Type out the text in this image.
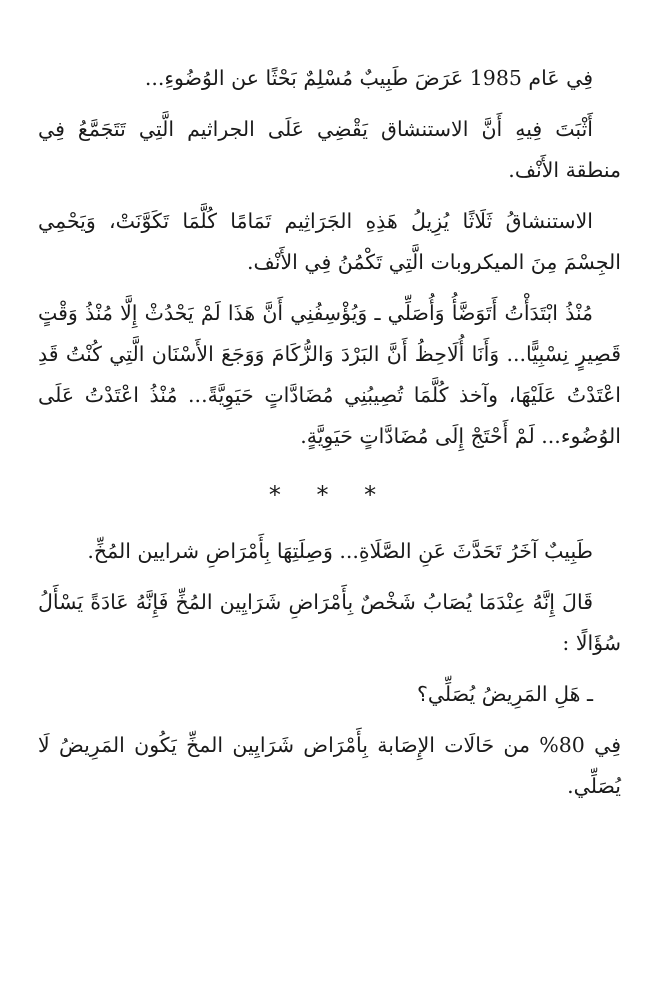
فِي عَام 1985 عَرَضَ طَبِيبٌ مُسْلِمٌ بَحْثًا عن الوُضُوءِ...

أَثْبَتَ فِيهِ أَنَّ الاستنشاق يَقْضِي عَلَى الجراثيم الَّتِي تَتَجَمَّعُ فِي منطقة الأَنْف.

الاستنشاقُ ثَلَاثًا يُزِيلُ هَذِهِ الجَرَاثِيم تَمَامًا كُلَّمَا تَكَوَّنَتْ، وَيَحْمِي الجِسْمَ مِنَ الميكروبات الَّتِي تَكْمُنُ فِي الأَنْف.

مُنْذُ ابْتَدَأْتُ أَتَوَضَّأُ وَأُصَلِّي ـ وَيُؤْسِفُنِي أَنَّ هَذَا لَمْ يَحْدُثْ إِلَّا مُنْذُ وَقْتٍ قَصِيرٍ نِسْبِيًّا... وَأَنَا أُلَاحِظُ أَنَّ البَرْدَ وَالزُّكَامَ وَوَجَعَ الأَسْنَان الَّتِي كُنْتُ قَدِ اعْتَدْتُ عَلَيْهَا، وآخذ كُلَّمَا تُصِيبُنِي مُضَادَّاتٍ حَيَوِيَّةً... مُنْذُ اعْتَدْتُ عَلَى الوُضُوء... لَمْ أَحْتَجْ إِلَى مُضَادَّاتٍ حَيَوِيَّةٍ.

* * *

طَبِيبٌ آخَرُ تَحَدَّثَ عَنِ الصَّلَاةِ... وَصِلَتِهَا بِأَمْرَاضِ شرايين المُخِّ.

قَالَ إِنَّهُ عِنْدَمَا يُصَابُ شَخْصٌ بِأَمْرَاضِ شَرَايِين المُخِّ فَإِنَّهُ عَادَةً يَسْأَلُ سُؤَالًا :

ـ هَلِ المَرِيضُ يُصَلِّي؟

فِي 80% من حَالَات الإِصَابة بِأَمْرَاض شَرَايِين المخِّ يَكُون المَرِيضُ لَا يُصَلِّي.
